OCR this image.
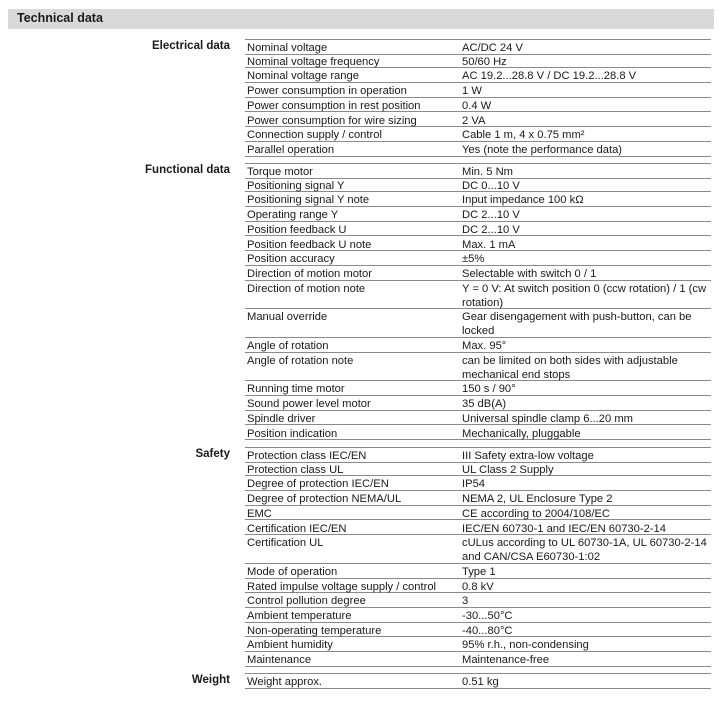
Technical data
Electrical data Nominal voltage	AC/DC 24 V
Nominal voltage frequency	50/60 Hz
Nominal voltage range	AC 19.2...28.8 V / DC 19.2...28.8 V
Power consumption in operation	1 W
Power consumption in rest position	0.4 W
Power consumption for wire sizing	2 VA
Connection supply / control	Cable 1 m, 4 x 0.75 mm²
Parallel operation	Yes (note the performance data)
Functional data Torque motor	Min. 5 Nm
Positioning signal Y	DC 0...10 V
Positioning signal Y note	Input impedance 100 kΩ
Operating range Y	DC 2...10 V
Position feedback U	DC 2...10 V
Position feedback U note	Max. 1 mA
Position accuracy	±5%
Direction of motion motor	Selectable with switch 0 / 1
Direction of motion note	Y = 0 V: At switch position 0 (ccw rotation) / 1 (cw rotation)
Manual override	Gear disengagement with push-button, can be locked
Angle of rotation	Max. 95°
Angle of rotation note	can be limited on both sides with adjustable mechanical end stops
Running time motor	150 s / 90°
Sound power level motor	35 dB(A)
Spindle driver	Universal spindle clamp 6...20 mm
Position indication	Mechanically, pluggable
Safety Protection class IEC/EN	III Safety extra-low voltage
Protection class UL	UL Class 2 Supply
Degree of protection IEC/EN	IP54
Degree of protection NEMA/UL	NEMA 2, UL Enclosure Type 2
EMC	CE according to 2004/108/EC
Certification IEC/EN	IEC/EN 60730-1 and IEC/EN 60730-2-14
Certification UL	cULus according to UL 60730-1A, UL 60730-2-14 and CAN/CSA E60730-1:02
Mode of operation	Type 1
Rated impulse voltage supply / control	0.8 kV
Control pollution degree	3
Ambient temperature	-30...50°C
Non-operating temperature	-40...80°C
Ambient humidity	95% r.h., non-condensing
Maintenance	Maintenance-free
Weight Weight approx.	0.51 kg
